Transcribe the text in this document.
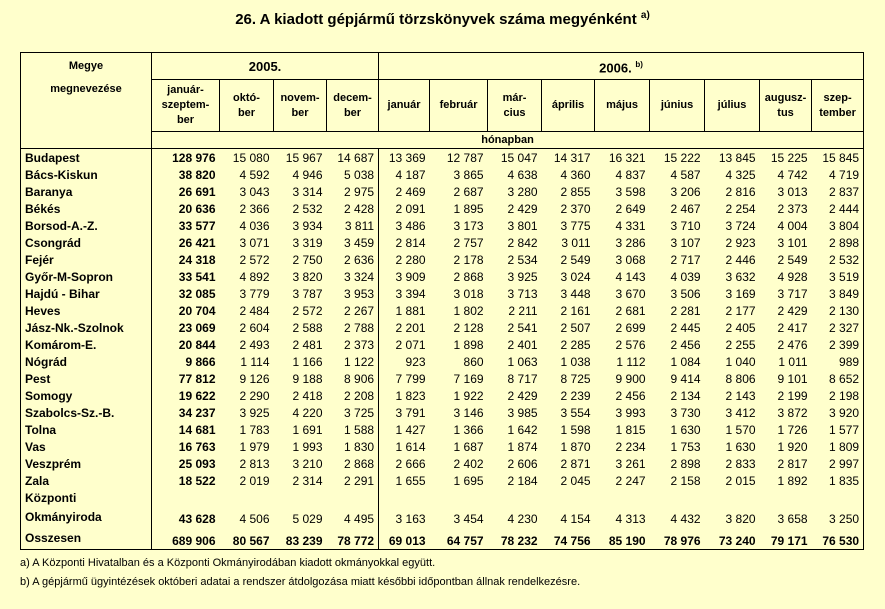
26. A kiadott gépjármű törzskönyvek száma megyénként $^{a)}$
Megye
megnevezése	2005.				2006. $^{b)}$
	január- szeptem- ber	októ- ber	novem- ber	decem- ber	január	február	már- cius	április	május	június	július	augusz- tus	szep- tember
	hónapban												
Budapest	128 976	15 080	15 967	14 687	13 369	12 787	15 047	14 317	16 321	15 222	13 845	15 225	15 845
Bács-Kiskun	38 820	4 592	4 946	5 038	4 187	3 865	4 638	4 360	4 837	4 587	4 325	4 742	4 719
Baranya	26 691	3 043	3 314	2 975	2 469	2 687	3 280	2 855	3 598	3 206	2 816	3 013	2 837
Békés	20 636	2 366	2 532	2 428	2 091	1 895	2 429	2 370	2 649	2 467	2 254	2 373	2 444
Borsod-A.-Z.	33 577	4 036	3 934	3 811	3 486	3 173	3 801	3 775	4 331	3 710	3 724	4 004	3 804
Csongrád	26 421	3 071	3 319	3 459	2 814	2 757	2 842	3 011	3 286	3 107	2 923	3 101	2 898
Fejér	24 318	2 572	2 750	2 636	2 280	2 178	2 534	2 549	3 068	2 717	2 446	2 549	2 532
Győr-M-Sopron	33 541	4 892	3 820	3 324	3 909	2 868	3 925	3 024	4 143	4 039	3 632	4 928	3 519
Hajdú - Bihar	32 085	3 779	3 787	3 953	3 394	3 018	3 713	3 448	3 670	3 506	3 169	3 717	3 849
Heves	20 704	2 484	2 572	2 267	1 881	1 802	2 211	2 161	2 681	2 281	2 177	2 429	2 130
Jász-Nk.-Szolnok	23 069	2 604	2 588	2 788	2 201	2 128	2 541	2 507	2 699	2 445	2 405	2 417	2 327
Komárom-E.	20 844	2 493	2 481	2 373	2 071	1 898	2 401	2 285	2 576	2 456	2 255	2 476	2 399
Nógrád	9 866	1 114	1 166	1 122	923	860	1 063	1 038	1 112	1 084	1 040	1 011	989
Pest	77 812	9 126	9 188	8 906	7 799	7 169	8 717	8 725	9 900	9 414	8 806	9 101	8 652
Somogy	19 622	2 290	2 418	2 208	1 823	1 922	2 429	2 239	2 456	2 134	2 143	2 199	2 198
Szabolcs-Sz.-B.	34 237	3 925	4 220	3 725	3 791	3 146	3 985	3 554	3 993	3 730	3 412	3 872	3 920
Tolna	14 681	1 783	1 691	1 588	1 427	1 366	1 642	1 598	1 815	1 630	1 570	1 726	1 577
Vas	16 763	1 979	1 993	1 830	1 614	1 687	1 874	1 870	2 234	1 753	1 630	1 920	1 809
Veszprém	25 093	2 813	3 210	2 868	2 666	2 402	2 606	2 871	3 261	2 898	2 833	2 817	2 997
Zala	18 522	2 019	2 314	2 291	1 655	1 695	2 184	2 045	2 247	2 158	2 015	1 892	1 835

Központi
Okmányiroda	43 628	4 506	5 029	4 495	3 163	3 454	4 230	4 154	4 313	4 432	3 820	3 658	3 250
Osszesen	689 906	80 567	83 239	78 772	69 013	64 757	78 232	74 756	85 190	78 976	73 240	79 171	76 530
a) A Központi Hivatalban és a Központi Okmányirodában kiadott okmányokkal együtt.
b) A gépjármű ügyintézések októberi adatai a rendszer átdolgozása miatt későbbi időpontban állnak rendelkezésre.
